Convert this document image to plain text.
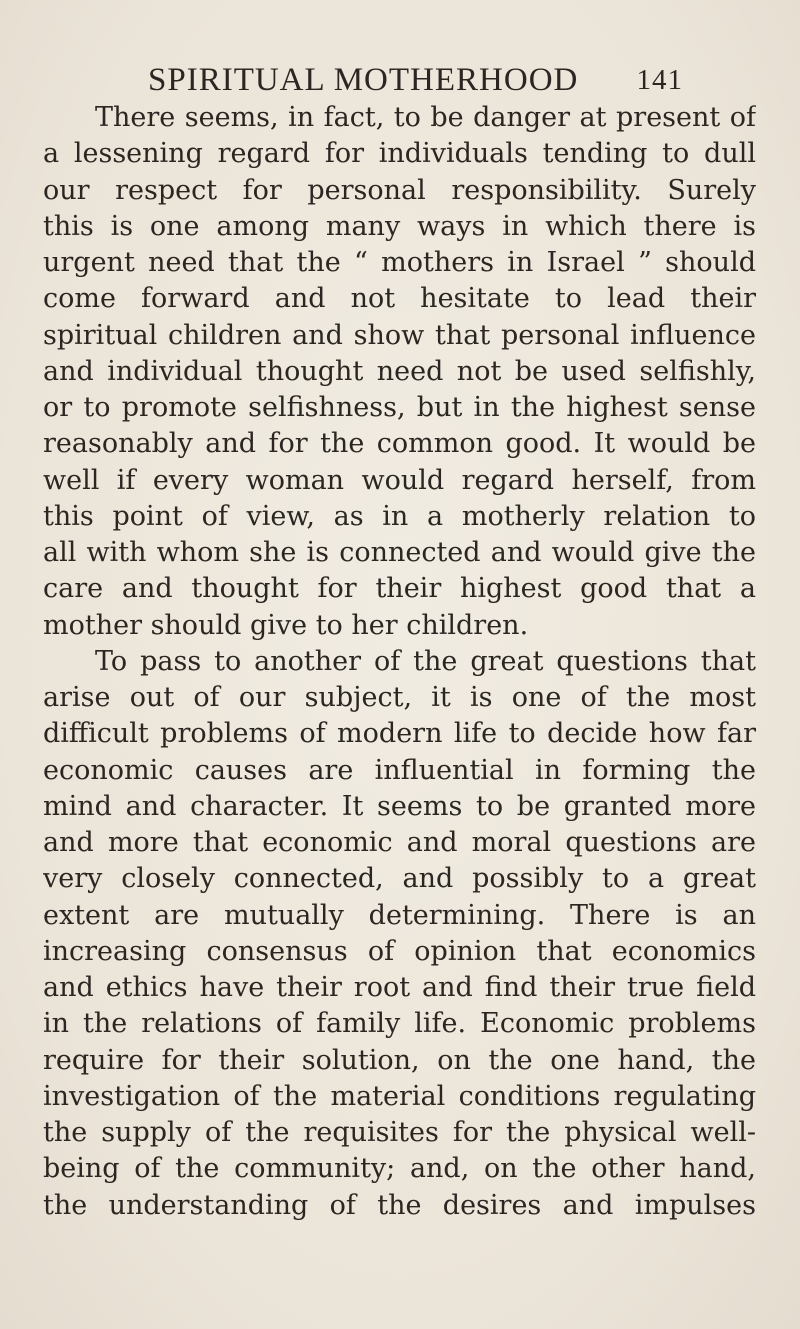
SPIRITUAL MOTHERHOOD 141
There seems, in fact, to be danger at present of
a lessening regard for individuals tending to dull
our respect for personal responsibility. Surely
this is one among many ways in which there is
urgent need that the “ mothers in Israel ” should
come forward and not hesitate to lead their
spiritual children and show that personal influence
and individual thought need not be used selfishly,
or to promote selfishness, but in the highest sense
reasonably and for the common good. It would be
well if every woman would regard herself, from
this point of view, as in a motherly relation to
all with whom she is connected and would give the
care and thought for their highest good that a
mother should give to her children.
To pass to another of the great questions that
arise out of our subject, it is one of the most
difficult problems of modern life to decide how far
economic causes are influential in forming the
mind and character. It seems to be granted more
and more that economic and moral questions are
very closely connected, and possibly to a great
extent are mutually determining. There is an
increasing consensus of opinion that economics
and ethics have their root and find their true field
in the relations of family life. Economic problems
require for their solution, on the one hand, the
investigation of the material conditions regulating
the supply of the requisites for the physical well-
being of the community; and, on the other hand,
the understanding of the desires and impulses
